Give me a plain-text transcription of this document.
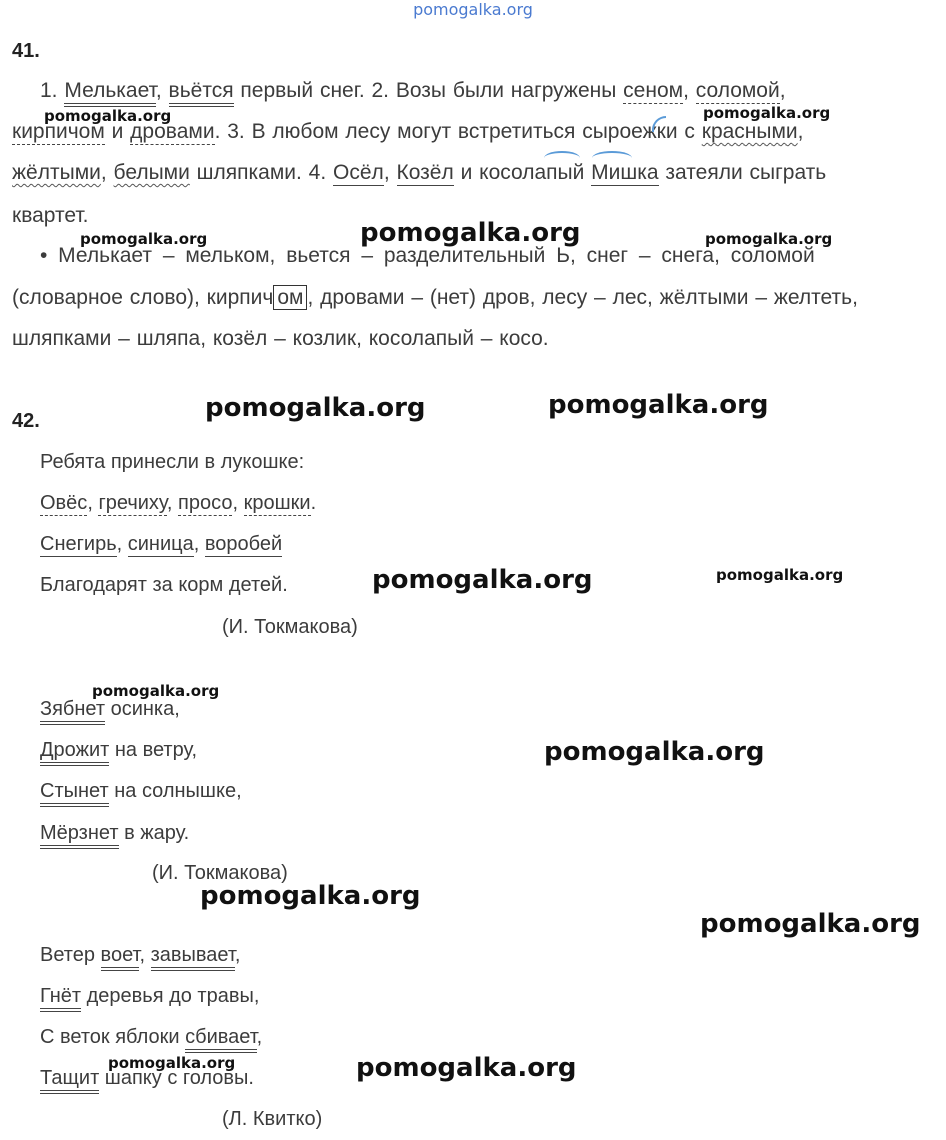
pomogalka.org
41.
1. Мелькает, вьётся первый снег. 2. Возы были нагружены сеном, соломой,
кирпичом и дровами. 3. В любом лесу могут встретиться сыроежки с красными,
жёлтыми, белыми шляпками. 4. Осёл, Козёл и косолапый Мишка затеяли сыграть
квартет.
• Мелькает – мельком, вьется – разделительный Ь, снег – снега, соломой
(словарное слово), кирпич ом , дровами – (нет) дров, лесу – лес, жёлтыми – желтеть,
шляпками – шляпа, козёл – козлик, косолапый – косо.
42.
Ребята принесли в лукошке:
Овёс, гречиху, просо, крошки.
Снегирь, синица, воробей
Благодарят за корм детей.
(И. Токмакова)
Зябнет осинка,
Дрожит на ветру,
Стынет на солнышке,
Мёрзнет в жару.
(И. Токмакова)
Ветер воет, завывает,
Гнёт деревья до травы,
С веток яблоки сбивает,
Тащит шапку с головы.
(Л. Квитко)
pomogalka.org	pomogalka.org
pomogalka.org	pomogalka.org	pomogalka.org
pomogalka.org	pomogalka.org
pomogalka.org	pomogalka.org
pomogalka.org
pomogalka.org
pomogalka.org
pomogalka.org
pomogalka.org	pomogalka.org
